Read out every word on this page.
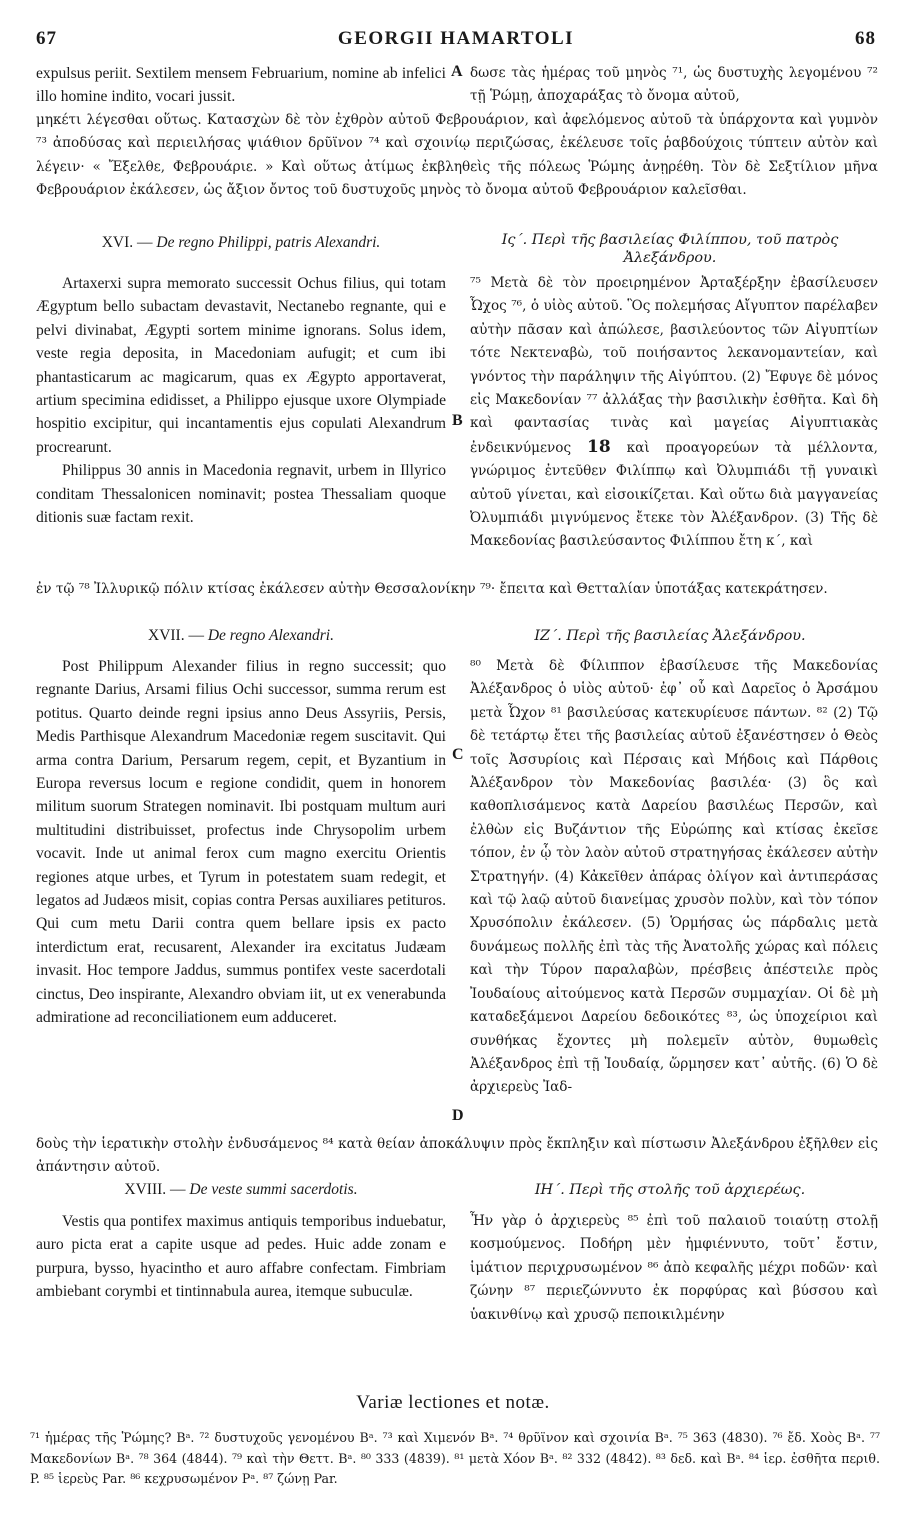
67	GEORGII HAMARTOLI	68
expulsus periit. Sextilem mensem Februarium, nomine ab infelici illo homine indito, vocari jussit.
A δωσε τὰς ἡμέρας τοῦ μηνὸς ⁷¹, ὡς δυστυχὴς λεγομένου ⁷² τῇ Ῥώμῃ, ἀποχαράξας τὸ ὄνομα αὐτοῦ,
μηκέτι λέγεσθαι οὕτως. Κατασχὼν δὲ τὸν ἐχθρὸν αὐτοῦ Φεβρουάριον, καὶ ἀφελόμενος αὐτοῦ τὰ ὑπάρχοντα καὶ γυμνὸν ⁷³ ἀποδύσας καὶ περιειλήσας ψιάθιον δρῦϊνον ⁷⁴ καὶ σχοινίῳ περιζώσας, ἐκέλευσε τοῖς ῥαβδούχοις τύπτειν αὐτὸν καὶ λέγειν· « Ἔξελθε, Φεβρουάριε. » Καὶ οὕτως ἀτίμως ἐκβληθεὶς τῆς πόλεως Ῥώμης ἀνῃρέθη. Τὸν δὲ Σεξτίλιον μῆνα Φεβρουάριον ἐκάλεσεν, ὡς ἄξιον ὄντος τοῦ δυστυχοῦς μηνὸς τὸ ὄνομα αὐτοῦ Φεβρουάριον καλεῖσθαι.
XVI. — De regno Philippi, patris Alexandri.	Ις΄. Περὶ τῆς βασιλείας Φιλίππου, τοῦ πατρὸς Ἀλεξάνδρου.
Artaxerxi supra memorato successit Ochus filius, qui totam Ægyptum bello subactam devastavit, Nectanebo regnante, qui e pelvi divinabat, Ægypti sortem minime ignorans. Solus idem, veste regia deposita, in Macedoniam aufugit; et cum ibi phantasticarum ac magicarum, quas ex Ægypto apportaverat, artium specimina edidisset, a Philippo ejusque uxore Olympiade hospitio excipitur, qui incantamentis ejus copulati Alexandrum procrearunt.
Philippus 30 annis in Macedonia regnavit, urbem in Illyrico conditam Thessalonicen nominavit; postea Thessaliam quoque ditionis suæ factam rexit.
B
⁷⁵ Μετὰ δὲ τὸν προειρημένον Ἀρταξέρξην ἐβασίλευσεν Ὦχος ⁷⁶, ὁ υἱὸς αὐτοῦ. Ὃς πολεμήσας Αἴγυπτον παρέλαβεν αὐτὴν πᾶσαν καὶ ἀπώλεσε, βασιλεύοντος τῶν Αἰγυπτίων τότε Νεκτεναβὼ, τοῦ ποιήσαντος λεκανομαντείαν, καὶ γνόντος τὴν παράληψιν τῆς Αἰγύπτου. (2) Ἔφυγε δὲ μόνος εἰς Μακεδονίαν ⁷⁷ ἀλλάξας τὴν βασιλικὴν ἐσθῆτα. Καὶ δὴ καὶ φαντασίας τινὰς καὶ μαγείας Αἰγυπτιακὰς ἐνδεικνύμενος 18 καὶ προαγορεύων τὰ μέλλοντα, γνώριμος ἐντεῦθεν Φιλίππῳ καὶ Ὀλυμπιάδι τῇ γυναικὶ αὐτοῦ γίνεται, καὶ εἰσοικίζεται. Καὶ οὕτω διὰ μαγγανείας Ὀλυμπιάδι μιγνύμενος ἔτεκε τὸν Ἀλέξανδρον. (3) Τῆς δὲ Μακεδονίας βασιλεύσαντος Φιλίππου ἔτη κ΄, καὶ
ἐν τῷ ⁷⁸ Ἰλλυρικῷ πόλιν κτίσας ἐκάλεσεν αὐτὴν Θεσσαλονίκην ⁷⁹· ἔπειτα καὶ Θετταλίαν ὑποτάξας κατεκράτησεν.
XVII. — De regno Alexandri.	ΙΖ΄. Περὶ τῆς βασιλείας Ἀλεξάνδρου.
Post Philippum Alexander filius in regno successit; quo regnante Darius, Arsami filius Ochi successor, summa rerum est potitus. Quarto deinde regni ipsius anno Deus Assyriis, Persis, Medis Parthisque Alexandrum Macedoniæ regem suscitavit. Qui arma contra Darium, Persarum regem, cepit, et Byzantium in Europa reversus locum e regione condidit, quem in honorem militum suorum Strategen nominavit. Ibi postquam multum auri multitudini distribuisset, profectus inde Chrysopolim urbem vocavit. Inde ut animal ferox cum magno exercitu Orientis regiones atque urbes, et Tyrum in potestatem suam redegit, et legatos ad Judæos misit, copias contra Persas auxiliares petituros. Qui cum metu Darii contra quem bellare ipsis ex pacto interdictum erat, recusarent, Alexander ira excitatus Judæam invasit. Hoc tempore Jaddus, summus pontifex veste sacerdotali cinctus, Deo inspirante, Alexandro obviam iit, ut ex venerabunda admiratione ad reconciliationem eum adduceret.
C
D
⁸⁰ Μετὰ δὲ Φίλιππον ἐβασίλευσε τῆς Μακεδονίας Ἀλέξανδρος ὁ υἱὸς αὐτοῦ· ἐφ᾽ οὗ καὶ Δαρεῖος ὁ Ἀρσάμου μετὰ Ὦχον ⁸¹ βασιλεύσας κατεκυρίευσε πάντων. ⁸² (2) Τῷ δὲ τετάρτῳ ἔτει τῆς βασιλείας αὐτοῦ ἐξανέστησεν ὁ Θεὸς τοῖς Ἀσσυρίοις καὶ Πέρσαις καὶ Μήδοις καὶ Πάρθοις Ἀλέξανδρον τὸν Μακεδονίας βασιλέα· (3) ὃς καὶ καθοπλισάμενος κατὰ Δαρείου βασιλέως Περσῶν, καὶ ἐλθὼν εἰς Βυζάντιον τῆς Εὐρώπης καὶ κτίσας ἐκεῖσε τόπον, ἐν ᾧ τὸν λαὸν αὐτοῦ στρατηγήσας ἐκάλεσεν αὐτὴν Στρατηγήν. (4) Κἀκεῖθεν ἀπάρας ὀλίγον καὶ ἀντιπεράσας καὶ τῷ λαῷ αὐτοῦ διανείμας χρυσὸν πολὺν, καὶ τὸν τόπον Χρυσόπολιν ἐκάλεσεν. (5) Ὁρμήσας ὡς πάρδαλις μετὰ δυνάμεως πολλῆς ἐπὶ τὰς τῆς Ἀνατολῆς χώρας καὶ πόλεις καὶ τὴν Τύρον παραλαβὼν, πρέσβεις ἀπέστειλε πρὸς Ἰουδαίους αἰτούμενος κατὰ Περσῶν συμμαχίαν. Οἱ δὲ μὴ καταδεξάμενοι Δαρείου δεδοικότες ⁸³, ὡς ὑποχείριοι καὶ συνθήκας ἔχοντες μὴ πολεμεῖν αὐτὸν, θυμωθεὶς Ἀλέξανδρος ἐπὶ τῇ Ἰουδαίᾳ, ὥρμησεν κατ᾽ αὐτῆς. (6) Ὁ δὲ ἀρχιερεὺς Ἰαδ-
δοὺς τὴν ἱερατικὴν στολὴν ἐνδυσάμενος ⁸⁴ κατὰ θείαν ἀποκάλυψιν πρὸς ἔκπληξιν καὶ πίστωσιν Ἀλεξάνδρου ἐξῆλθεν εἰς ἀπάντησιν αὐτοῦ.
XVIII. — De veste summi sacerdotis.	ΙΗ΄. Περὶ τῆς στολῆς τοῦ ἀρχιερέως.
Vestis qua pontifex maximus antiquis temporibus induebatur, auro picta erat a capite usque ad pedes. Huic adde zonam e purpura, bysso, hyacintho et auro affabre confectam. Fimbriam ambiebant corymbi et tintinnabula aurea, itemque subuculæ.
Ἦν γὰρ ὁ ἀρχιερεὺς ⁸⁵ ἐπὶ τοῦ παλαιοῦ τοιαύτῃ στολῇ κοσμούμενος. Ποδήρη μὲν ἠμφιέννυτο, τοῦτ᾽ ἔστιν, ἱμάτιον περιχρυσωμένον ⁸⁶ ἀπὸ κεφαλῆς μέχρι ποδῶν· καὶ ζώνην ⁸⁷ περιεζώννυτο ἐκ πορφύρας καὶ βύσσου καὶ ὑακινθίνῳ καὶ χρυσῷ πεποικιλμένην
Variæ lectiones et notæ.
⁷¹ ἡμέρας τῆς Ῥώμης? Bᵃ. ⁷² δυστυχοῦς γενομένου Bᵃ. ⁷³ καὶ Χιμενόν Bᵃ. ⁷⁴ θρῦϊνον καὶ σχοινία Bᵃ. ⁷⁵ 363 (4830). ⁷⁶ ἔδ. Χοὸς Bᵃ. ⁷⁷ Μακεδονίων Bᵃ. ⁷⁸ 364 (4844). ⁷⁹ καὶ τὴν Θεττ. Bᵃ. ⁸⁰ 333 (4839). ⁸¹ μετὰ Χόον Bᵃ. ⁸² 332 (4842). ⁸³ δεδ. καὶ Bᵃ. ⁸⁴ ἱερ. ἐσθῆτα περιθ. P. ⁸⁵ ἱερεὺς Par. ⁸⁶ κεχρυσωμένον Pᵃ. ⁸⁷ ζώνῃ Par.
